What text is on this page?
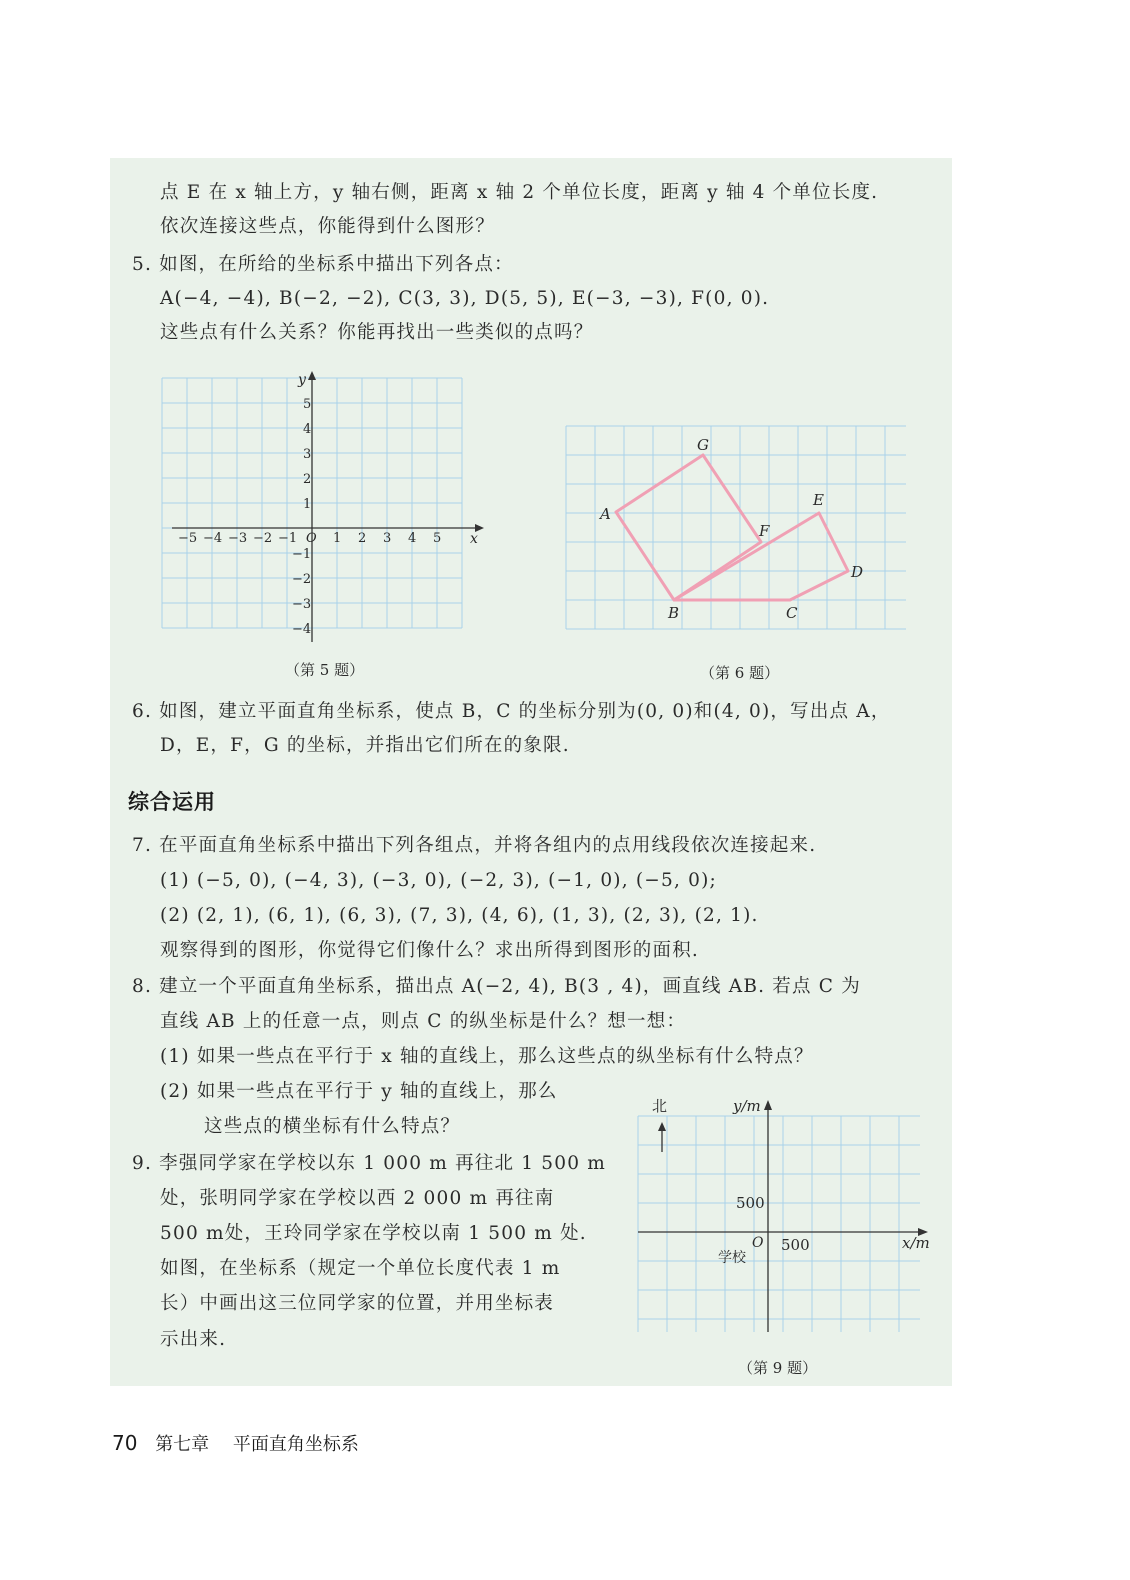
点 E 在 x 轴上方，y 轴右侧，距离 x 轴 2 个单位长度，距离 y 轴 4 个单位长度.
依次连接这些点，你能得到什么图形？
5. 如图，在所给的坐标系中描出下列各点：
A(−4, −4), B(−2, −2), C(3, 3), D(5, 5), E(−3, −3), F(0, 0).
这些点有什么关系？你能再找出一些类似的点吗？
x
y
O
−5 −4 −3 −2 −1	1 2 3 4 5
5
4
3
2
1
−1
−2
−3
−4
A
B	C
D
E
F
G
（第 5 题）	（第 6 题）
6. 如图，建立平面直角坐标系，使点 B，C 的坐标分别为(0, 0)和(4, 0)，写出点 A，
D，E，F，G 的坐标，并指出它们所在的象限.
综合运用
7. 在平面直角坐标系中描出下列各组点，并将各组内的点用线段依次连接起来.
(1) (−5, 0), (−4, 3), (−3, 0), (−2, 3), (−1, 0), (−5, 0);
(2) (2, 1), (6, 1), (6, 3), (7, 3), (4, 6), (1, 3), (2, 3), (2, 1).
观察得到的图形，你觉得它们像什么？求出所得到图形的面积.
8. 建立一个平面直角坐标系，描出点 A(−2, 4), B(3 , 4)，画直线 AB. 若点 C 为
直线 AB 上的任意一点，则点 C 的纵坐标是什么？想一想：
(1) 如果一些点在平行于 x 轴的直线上，那么这些点的纵坐标有什么特点？
(2) 如果一些点在平行于 y 轴的直线上，那么
这些点的横坐标有什么特点？
9. 李强同学家在学校以东 1 000 m 再往北 1 500 m
处，张明同学家在学校以西 2 000 m 再往南
500 m处，王玲同学家在学校以南 1 500 m 处.
如图，在坐标系（规定一个单位长度代表 1 m
长）中画出这三位同学家的位置，并用坐标表
示出来.
北	y/m
x/m
O
学校
500
500
（第 9 题）
70 第七章 平面直角坐标系
